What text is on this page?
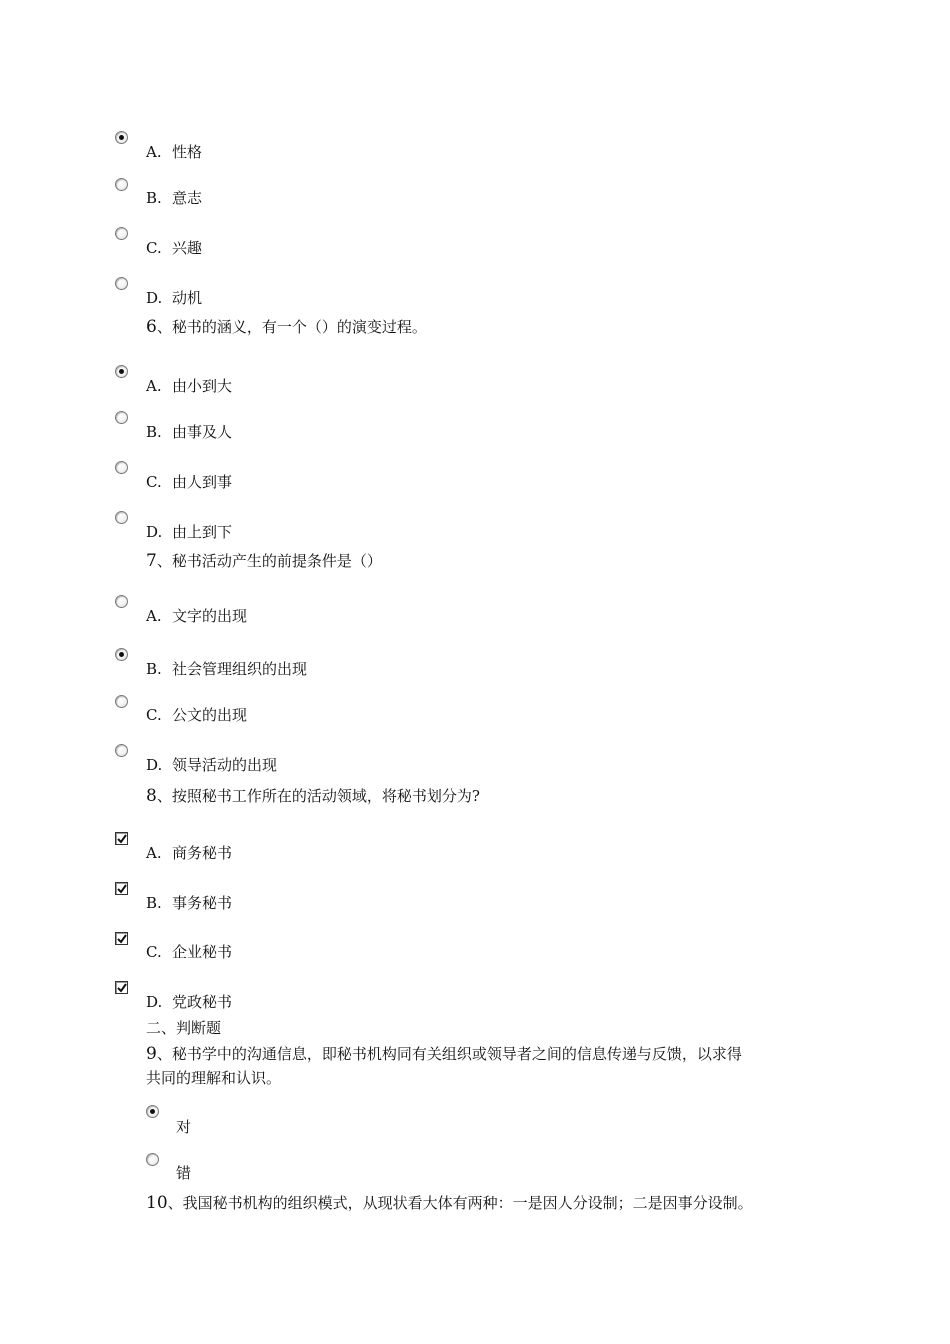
A. 性格
B. 意志
C. 兴趣
D. 动机
6、秘书的涵义，有一个（）的演变过程。
A. 由小到大
B. 由事及人
C. 由人到事
D. 由上到下
7、秘书活动产生的前提条件是（）
A. 文字的出现
B. 社会管理组织的出现
C. 公文的出现
D. 领导活动的出现
8、按照秘书工作所在的活动领域，将秘书划分为?
A. 商务秘书
B. 事务秘书
C. 企业秘书
D. 党政秘书
二、判断题
9、秘书学中的沟通信息，即秘书机构同有关组织或领导者之间的信息传递与反馈，以求得
共同的理解和认识。
对
错
10、我国秘书机构的组织模式，从现状看大体有两种：一是因人分设制；二是因事分设制。
